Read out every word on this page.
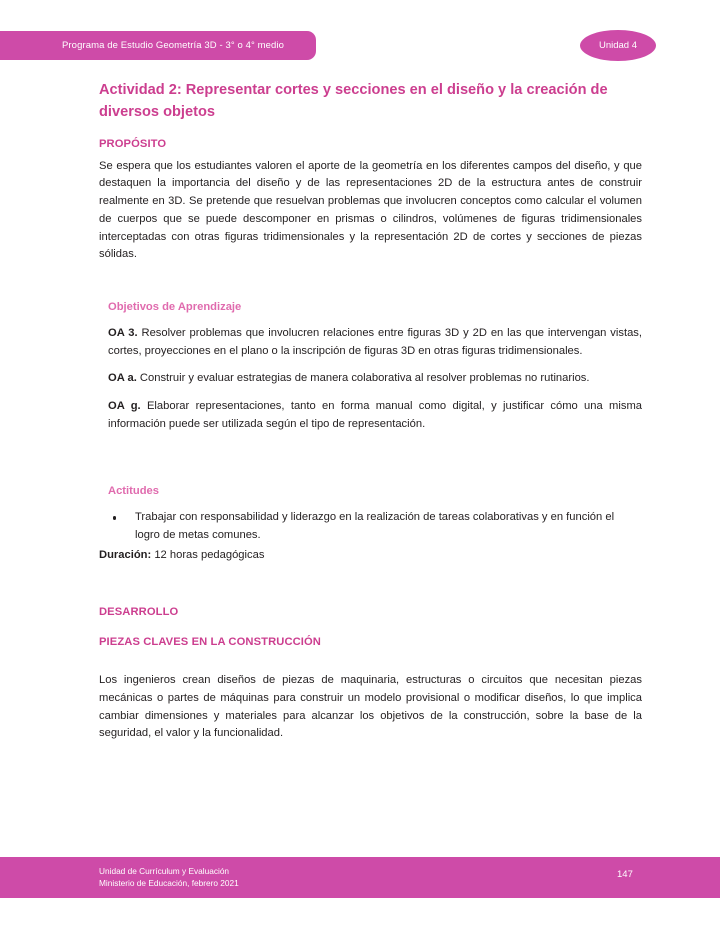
Programa de Estudio Geometría 3D - 3° o 4° medio	Unidad 4
Actividad 2: Representar cortes y secciones en el diseño y la creación de diversos objetos
PROPÓSITO

Se espera que los estudiantes valoren el aporte de la geometría en los diferentes campos del diseño, y que destaquen la importancia del diseño y de las representaciones 2D de la estructura antes de construir realmente en 3D. Se pretende que resuelvan problemas que involucren conceptos como calcular el volumen de cuerpos que se puede descomponer en prismas o cilindros, volúmenes de figuras tridimensionales interceptadas con otras figuras tridimensionales y la representación 2D de cortes y secciones de piezas sólidas.

Objetivos de Aprendizaje

OA 3. Resolver problemas que involucren relaciones entre figuras 3D y 2D en las que intervengan vistas, cortes, proyecciones en el plano o la inscripción de figuras 3D en otras figuras tridimensionales.

OA a. Construir y evaluar estrategias de manera colaborativa al resolver problemas no rutinarios.

OA g. Elaborar representaciones, tanto en forma manual como digital, y justificar cómo una misma información puede ser utilizada según el tipo de representación.

Actitudes
Trabajar con responsabilidad y liderazgo en la realización de tareas colaborativas y en función el logro de metas comunes.

Duración: 12 horas pedagógicas

DESARROLLO
PIEZAS CLAVES EN LA CONSTRUCCIÓN

Los ingenieros crean diseños de piezas de maquinaria, estructuras o circuitos que necesitan piezas mecánicas o partes de máquinas para construir un modelo provisional o modificar diseños, lo que implica cambiar dimensiones y materiales para alcanzar los objetivos de la construcción, sobre la base de la seguridad, el valor y la funcionalidad.

Unidad de Currículum y Evaluación
Ministerio de Educación, febrero 2021
147
